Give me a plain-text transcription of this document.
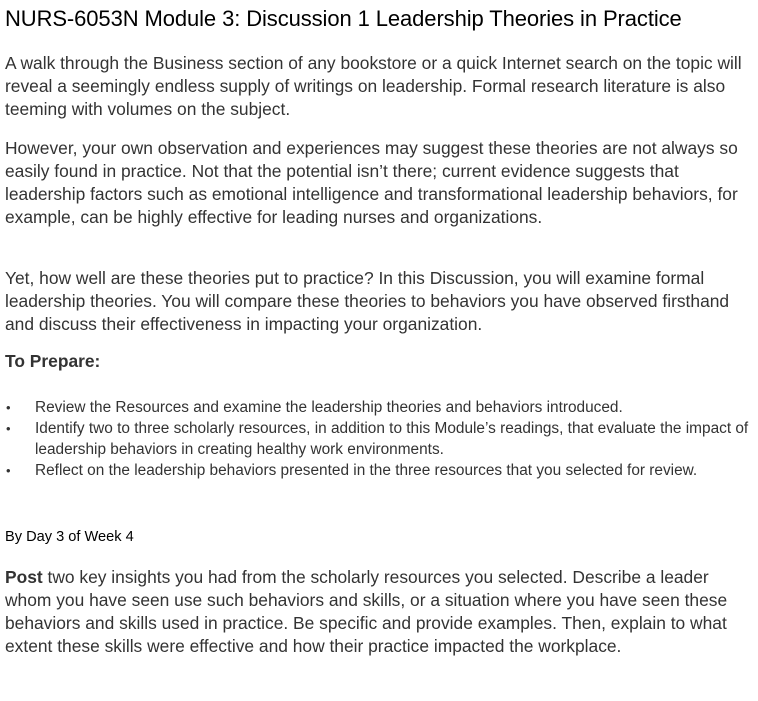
NURS-6053N Module 3: Discussion 1 Leadership Theories in Practice

A walk through the Business section of any bookstore or a quick Internet search on the topic will reveal a seemingly endless supply of writings on leadership. Formal research literature is also teeming with volumes on the subject.

However, your own observation and experiences may suggest these theories are not always so easily found in practice. Not that the potential isn’t there; current evidence suggests that leadership factors such as emotional intelligence and transformational leadership behaviors, for example, can be highly effective for leading nurses and organizations.

Yet, how well are these theories put to practice? In this Discussion, you will examine formal leadership theories. You will compare these theories to behaviors you have observed firsthand and discuss their effectiveness in impacting your organization.

To Prepare:
• Review the Resources and examine the leadership theories and behaviors introduced.
• Identify two to three scholarly resources, in addition to this Module’s readings, that evaluate the impact of leadership behaviors in creating healthy work environments.
• Reflect on the leadership behaviors presented in the three resources that you selected for review.

By Day 3 of Week 4

Post two key insights you had from the scholarly resources you selected. Describe a leader whom you have seen use such behaviors and skills, or a situation where you have seen these behaviors and skills used in practice. Be specific and provide examples. Then, explain to what extent these skills were effective and how their practice impacted the workplace.
